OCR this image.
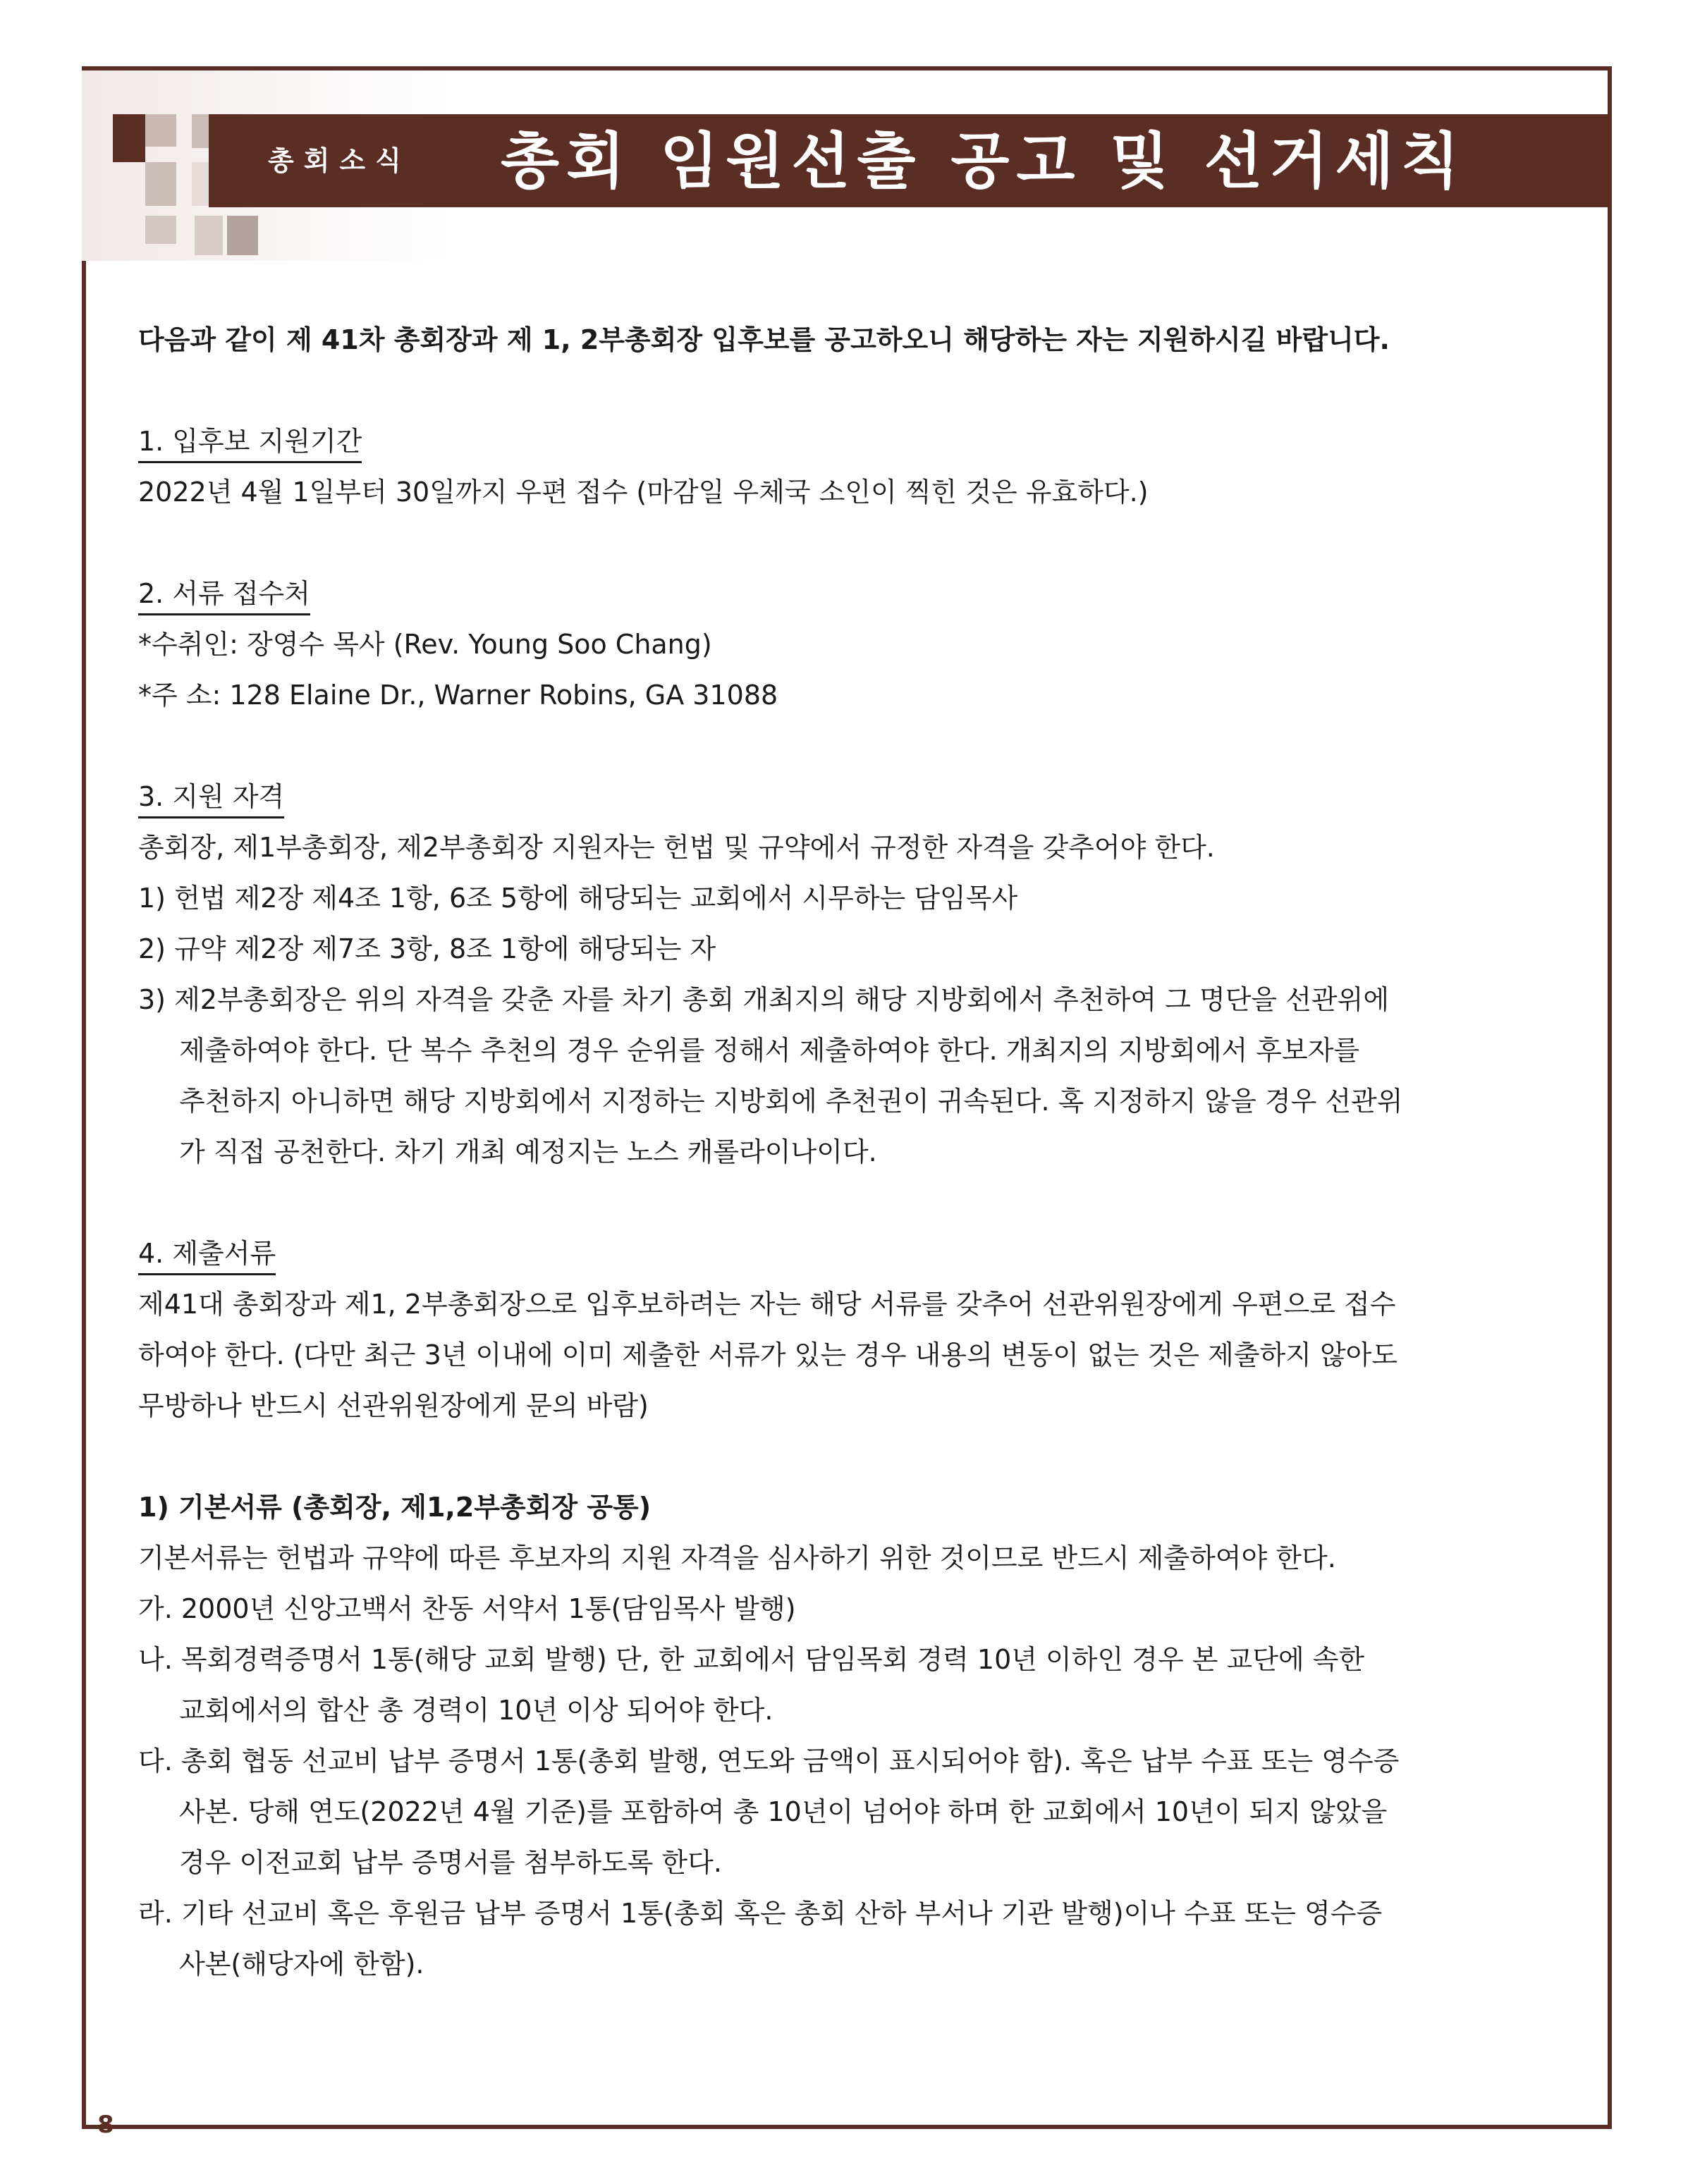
총회소식 총회 임원선출 공고 및 선거세칙
다음과 같이 제 41차 총회장과 제 1, 2부총회장 입후보를 공고하오니 해당하는 자는 지원하시길 바랍니다.
1. 입후보 지원기간
2022년 4월 1일부터 30일까지 우편 접수 (마감일 우체국 소인이 찍힌 것은 유효하다.)
2. 서류 접수처
*수취인: 장영수 목사 (Rev. Young Soo Chang)
*주 소: 128 Elaine Dr., Warner Robins, GA 31088
3. 지원 자격
총회장, 제1부총회장, 제2부총회장 지원자는 헌법 및 규약에서 규정한 자격을 갖추어야 한다.
1) 헌법 제2장 제4조 1항, 6조 5항에 해당되는 교회에서 시무하는 담임목사
2) 규약 제2장 제7조 3항, 8조 1항에 해당되는 자
3) 제2부총회장은 위의 자격을 갖춘 자를 차기 총회 개최지의 해당 지방회에서 추천하여 그 명단을 선관위에
제출하여야 한다. 단 복수 추천의 경우 순위를 정해서 제출하여야 한다. 개최지의 지방회에서 후보자를
추천하지 아니하면 해당 지방회에서 지정하는 지방회에 추천권이 귀속된다. 혹 지정하지 않을 경우 선관위
가 직접 공천한다. 차기 개최 예정지는 노스 캐롤라이나이다.
4. 제출서류
제41대 총회장과 제1, 2부총회장으로 입후보하려는 자는 해당 서류를 갖추어 선관위원장에게 우편으로 접수
하여야 한다. (다만 최근 3년 이내에 이미 제출한 서류가 있는 경우 내용의 변동이 없는 것은 제출하지 않아도
무방하나 반드시 선관위원장에게 문의 바람)
1) 기본서류 (총회장, 제1,2부총회장 공통)
기본서류는 헌법과 규약에 따른 후보자의 지원 자격을 심사하기 위한 것이므로 반드시 제출하여야 한다.
가. 2000년 신앙고백서 찬동 서약서 1통(담임목사 발행)
나. 목회경력증명서 1통(해당 교회 발행) 단, 한 교회에서 담임목회 경력 10년 이하인 경우 본 교단에 속한
교회에서의 합산 총 경력이 10년 이상 되어야 한다.
다. 총회 협동 선교비 납부 증명서 1통(총회 발행, 연도와 금액이 표시되어야 함). 혹은 납부 수표 또는 영수증
사본. 당해 연도(2022년 4월 기준)를 포함하여 총 10년이 넘어야 하며 한 교회에서 10년이 되지 않았을
경우 이전교회 납부 증명서를 첨부하도록 한다.
라. 기타 선교비 혹은 후원금 납부 증명서 1통(총회 혹은 총회 산하 부서나 기관 발행)이나 수표 또는 영수증
사본(해당자에 한함).
8
